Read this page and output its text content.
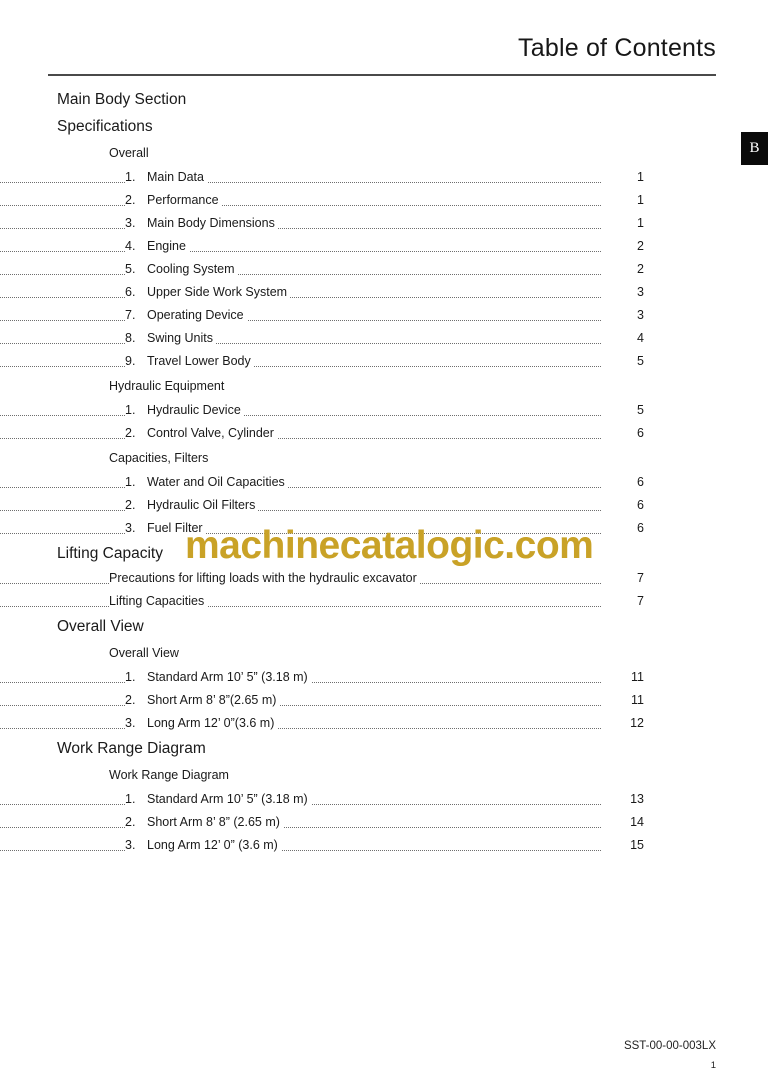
Table of Contents
B
Main Body Section
Specifications
Overall
1. Main Data	1
2. Performance	1
3. Main Body Dimensions	1
4. Engine	2
5. Cooling System	2
6. Upper Side Work System	3
7. Operating Device	3
8. Swing Units	4
9. Travel Lower Body	5
Hydraulic Equipment
1. Hydraulic Device	5
2. Control Valve, Cylinder	6
Capacities, Filters
1. Water and Oil Capacities	6
2. Hydraulic Oil Filters	6
3. Fuel Filter	6
Lifting Capacity
Precautions for lifting loads with the hydraulic excavator	7
Lifting Capacities	7
Overall View
Overall View
1. Standard Arm 10’ 5” (3.18 m)	11
2. Short Arm 8’ 8”(2.65 m)	11
3. Long Arm 12’ 0”(3.6 m)	12
Work Range Diagram
Work Range Diagram
1. Standard Arm 10’ 5” (3.18 m)	13
2. Short Arm 8’ 8” (2.65 m)	14
3. Long Arm 12’ 0” (3.6 m)	15
machinecatalogic.com
SST-00-00-003LX
1
